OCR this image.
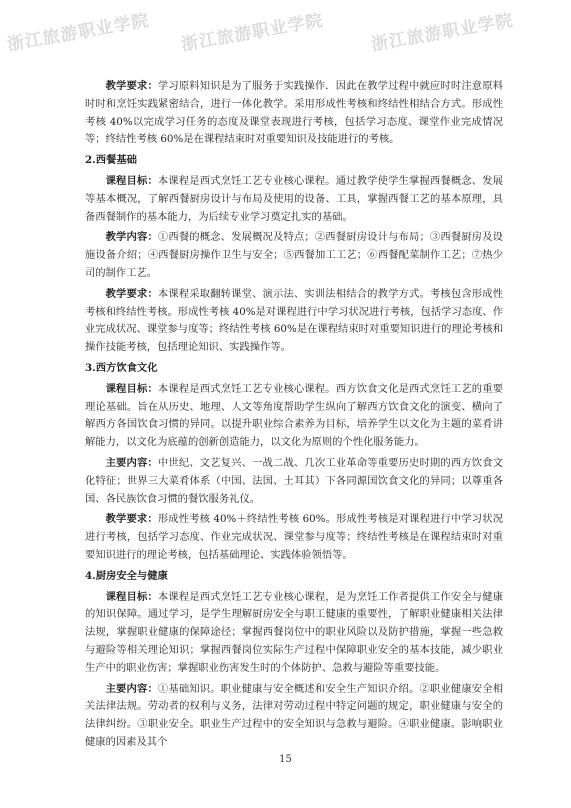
浙江旅游职业学院 浙江旅游职业学院	浙江旅游职业学院

教学要求：学习原料知识是为了服务于实践操作．因此在教学过程中就应时时注意原料时时和烹饪实践紧密结合，进行一体化教学。采用形成性考核和终结性相结合方式。形成性考核 40%以完成学习任务的态度及课堂表现进行考核，包括学习态度、课堂作业完成情况等；终结性考核 60%是在课程结束时对重要知识及技能进行的考核。

2.西餐基础

课程目标：本课程是西式烹饪工艺专业核心课程。通过教学使学生掌握西餐概念、发展等基本概况，了解西餐厨房设计与布局及使用的设备、工具，掌握西餐工艺的基本原理，具备西餐制作的基本能力，为后续专业学习奠定扎实的基础。

教学内容：①西餐的概念、发展概况及特点；②西餐厨房设计与布局；③西餐厨房及设施设备介绍；④西餐厨房操作卫生与安全；⑤西餐加工工艺；⑥西餐配菜制作工艺；⑦热少司的制作工艺。

教学要求：本课程采取翻转课堂、演示法、实训法相结合的教学方式。考核包含形成性考核和终结性考核。形成性考核 40%是对课程进行中学习状况进行考核，包括学习态度、作业完成状况、课堂参与度等；终结性考核 60%是在课程结束时对重要知识进行的理论考核和操作技能考核，包括理论知识、实践操作等。

3.西方饮食文化

课程目标：本课程是西式烹饪工艺专业核心课程。西方饮食文化是西式烹饪工艺的重要理论基础。旨在从历史、地理、人文等角度帮助学生纵向了解西方饮食文化的演变、横向了解西方各国饮食习惯的异同。以提升职业综合素养为目标，培养学生以文化为主题的菜肴讲解能力，以文化为底蕴的创新创造能力，以文化为原则的个性化服务能力。

主要内容：中世纪、文艺复兴、一战二战、几次工业革命等重要历史时期的西方饮食文化特征；世界三大菜肴体系（中国、法国、土耳其）下各同源国饮食文化的异同；以尊重各国、各民族饮食习惯的餐饮服务礼仪。

教学要求：形成性考核 40%＋终结性考核 60%。形成性考核是对课程进行中学习状况进行考核，包括学习态度、作业完成状况、课堂参与度等；终结性考核是在课程结束时对重要知识进行的理论考核，包括基础理论、实践体验领悟等。

4.厨房安全与健康

课程目标：本课程是西式烹饪工艺专业核心课程，是为烹饪工作者提供工作安全与健康的知识保障。通过学习，是学生理解厨房安全与职工健康的重要性，了解职业健康相关法律法规，掌握职业健康的保障途径；掌握西餐岗位中的职业风险以及防护措施，掌握一些急救与避险等相关理论知识；掌握西餐岗位实际生产过程中保障职业安全的基本技能，减少职业生产中的职业伤害；掌握职业伤害发生时的个体防护、急救与避险等重要技能。

主要内容：①基础知识。职业健康与安全概述和安全生产知识介绍。②职业健康安全相关法律法规。劳动者的权利与义务，法律对劳动过程中特定问题的规定，职业健康与安全的法律纠纷。③职业安全。职业生产过程中的安全知识与急救与避险。④职业健康。影响职业健康的因素及其个

15
